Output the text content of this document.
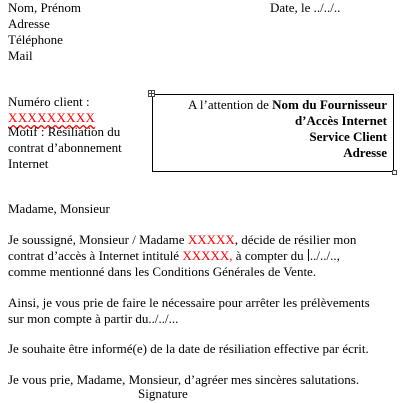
Nom, Prénom
Adresse
Téléphone
Mail
Date, le ../../..
Numéro client :
XXXXXXXXX
Motif : Résiliation du
contrat d’abonnement
Internet
A l’attention de Nom du Fournisseur
d’Accès Internet
Service Client
Adresse
Madame, Monsieur
Je soussigné, Monsieur / Madame XXXXX, décide de résilier mon
contrat d’accès à Internet intitulé XXXXX, à compter du ../../..,
comme mentionné dans les Conditions Générales de Vente.
Ainsi, je vous prie de faire le nécessaire pour arrêter les prélèvements
sur mon compte à partir du../../...
Je souhaite être informé(e) de la date de résiliation effective par écrit.
Je vous prie, Madame, Monsieur, d’agréer mes sincères salutations.
Signature
